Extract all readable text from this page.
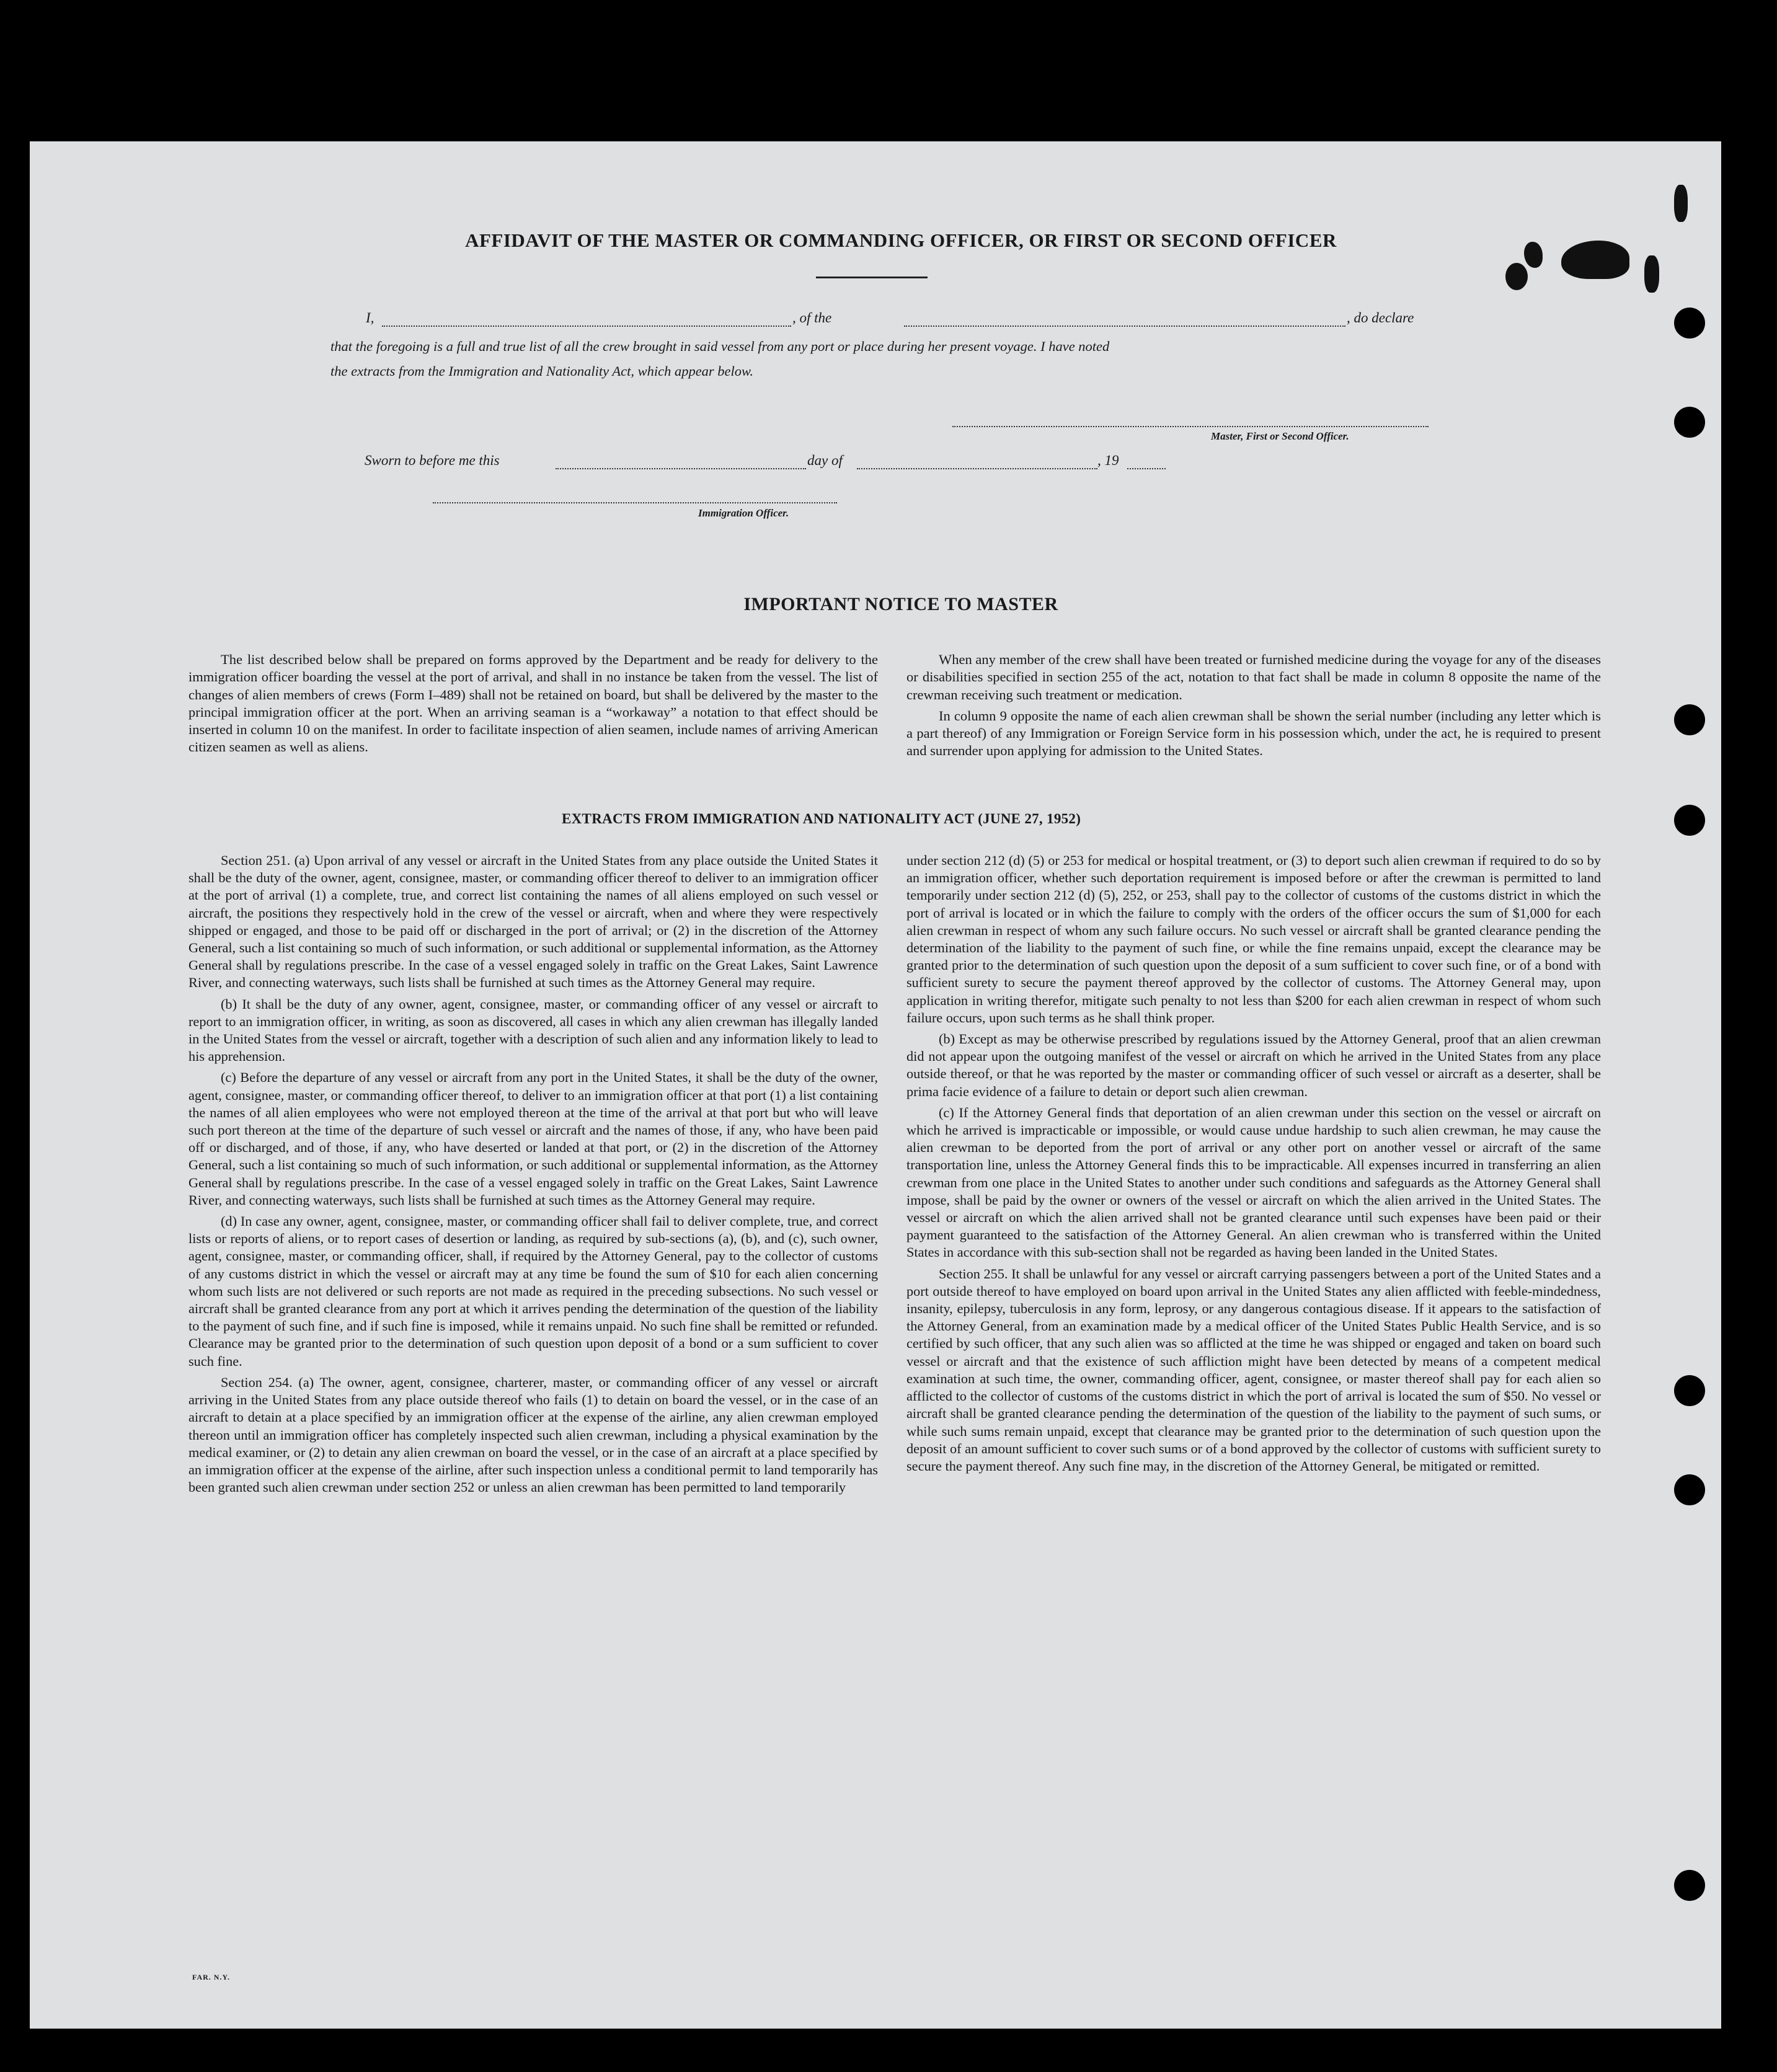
AFFIDAVIT OF THE MASTER OR COMMANDING OFFICER, OR FIRST OR SECOND OFFICER
I,	, of the	, do declare
that the foregoing is a full and true list of all the crew brought in said vessel from any port or place during her present voyage. I have noted
the extracts from the Immigration and Nationality Act, which appear below.
Master, First or Second Officer.
Sworn to before me this	day of	, 19
Immigration Officer.
IMPORTANT NOTICE TO MASTER

The list described below shall be prepared on forms approved by the Department and be ready for delivery to the immigration officer boarding the vessel at the port of arrival, and shall in no instance be taken from the vessel. The list of changes of alien members of crews (Form I–489) shall not be retained on board, but shall be delivered by the master to the principal immigration officer at the port. When an arriving seaman is a “workaway” a notation to that effect should be inserted in column 10 on the manifest. In order to facilitate inspection of alien seamen, include names of arriving American citizen seamen as well as aliens.

When any member of the crew shall have been treated or furnished medicine during the voyage for any of the diseases or disabilities specified in section 255 of the act, notation to that fact shall be made in column 8 opposite the name of the crewman receiving such treatment or medication.

In column 9 opposite the name of each alien crewman shall be shown the serial number (including any letter which is a part thereof) of any Immigration or Foreign Service form in his possession which, under the act, he is required to present and surrender upon applying for admission to the United States.

EXTRACTS FROM IMMIGRATION AND NATIONALITY ACT (JUNE 27, 1952)

Section 251. (a) Upon arrival of any vessel or aircraft in the United States from any place outside the United States it shall be the duty of the owner, agent, consignee, master, or commanding officer thereof to deliver to an immigration officer at the port of arrival (1) a complete, true, and correct list containing the names of all aliens employed on such vessel or aircraft, the positions they respectively hold in the crew of the vessel or aircraft, when and where they were respectively shipped or engaged, and those to be paid off or discharged in the port of arrival; or (2) in the discretion of the Attorney General, such a list containing so much of such information, or such additional or supplemental information, as the Attorney General shall by regulations prescribe. In the case of a vessel engaged solely in traffic on the Great Lakes, Saint Lawrence River, and connecting waterways, such lists shall be furnished at such times as the Attorney General may require.

(b) It shall be the duty of any owner, agent, consignee, master, or commanding officer of any vessel or aircraft to report to an immigration officer, in writing, as soon as discovered, all cases in which any alien crewman has illegally landed in the United States from the vessel or aircraft, together with a description of such alien and any information likely to lead to his apprehension.

(c) Before the departure of any vessel or aircraft from any port in the United States, it shall be the duty of the owner, agent, consignee, master, or commanding officer thereof, to deliver to an immigration officer at that port (1) a list containing the names of all alien employees who were not employed thereon at the time of the arrival at that port but who will leave such port thereon at the time of the departure of such vessel or aircraft and the names of those, if any, who have been paid off or discharged, and of those, if any, who have deserted or landed at that port, or (2) in the discretion of the Attorney General, such a list containing so much of such information, or such additional or supplemental information, as the Attorney General shall by regulations prescribe. In the case of a vessel engaged solely in traffic on the Great Lakes, Saint Lawrence River, and connecting waterways, such lists shall be furnished at such times as the Attorney General may require.

(d) In case any owner, agent, consignee, master, or commanding officer shall fail to deliver complete, true, and correct lists or reports of aliens, or to report cases of desertion or landing, as required by sub-sections (a), (b), and (c), such owner, agent, consignee, master, or commanding officer, shall, if required by the Attorney General, pay to the collector of customs of any customs district in which the vessel or aircraft may at any time be found the sum of $10 for each alien concerning whom such lists are not delivered or such reports are not made as required in the preceding subsections. No such vessel or aircraft shall be granted clearance from any port at which it arrives pending the determination of the question of the liability to the payment of such fine, and if such fine is imposed, while it remains unpaid. No such fine shall be remitted or refunded. Clearance may be granted prior to the determination of such question upon deposit of a bond or a sum sufficient to cover such fine.

Section 254. (a) The owner, agent, consignee, charterer, master, or commanding officer of any vessel or aircraft arriving in the United States from any place outside thereof who fails (1) to detain on board the vessel, or in the case of an aircraft to detain at a place specified by an immigration officer at the expense of the airline, any alien crewman employed thereon until an immigration officer has completely inspected such alien crewman, including a physical examination by the medical examiner, or (2) to detain any alien crewman on board the vessel, or in the case of an aircraft at a place specified by an immigration officer at the expense of the airline, after such inspection unless a conditional permit to land temporarily has been granted such alien crewman under section 252 or unless an alien crewman has been permitted to land temporarily

under section 212 (d) (5) or 253 for medical or hospital treatment, or (3) to deport such alien crewman if required to do so by an immigration officer, whether such deportation requirement is imposed before or after the crewman is permitted to land temporarily under section 212 (d) (5), 252, or 253, shall pay to the collector of customs of the customs district in which the port of arrival is located or in which the failure to comply with the orders of the officer occurs the sum of $1,000 for each alien crewman in respect of whom any such failure occurs. No such vessel or aircraft shall be granted clearance pending the determination of the liability to the payment of such fine, or while the fine remains unpaid, except the clearance may be granted prior to the determination of such question upon the deposit of a sum sufficient to cover such fine, or of a bond with sufficient surety to secure the payment thereof approved by the collector of customs. The Attorney General may, upon application in writing therefor, mitigate such penalty to not less than $200 for each alien crewman in respect of whom such failure occurs, upon such terms as he shall think proper.

(b) Except as may be otherwise prescribed by regulations issued by the Attorney General, proof that an alien crewman did not appear upon the outgoing manifest of the vessel or aircraft on which he arrived in the United States from any place outside thereof, or that he was reported by the master or commanding officer of such vessel or aircraft as a deserter, shall be prima facie evidence of a failure to detain or deport such alien crewman.

(c) If the Attorney General finds that deportation of an alien crewman under this section on the vessel or aircraft on which he arrived is impracticable or impossible, or would cause undue hardship to such alien crewman, he may cause the alien crewman to be deported from the port of arrival or any other port on another vessel or aircraft of the same transportation line, unless the Attorney General finds this to be impracticable. All expenses incurred in transferring an alien crewman from one place in the United States to another under such conditions and safeguards as the Attorney General shall impose, shall be paid by the owner or owners of the vessel or aircraft on which the alien arrived in the United States. The vessel or aircraft on which the alien arrived shall not be granted clearance until such expenses have been paid or their payment guaranteed to the satisfaction of the Attorney General. An alien crewman who is transferred within the United States in accordance with this sub-section shall not be regarded as having been landed in the United States.

Section 255. It shall be unlawful for any vessel or aircraft carrying passengers between a port of the United States and a port outside thereof to have employed on board upon arrival in the United States any alien afflicted with feeble-mindedness, insanity, epilepsy, tuberculosis in any form, leprosy, or any dangerous contagious disease. If it appears to the satisfaction of the Attorney General, from an examination made by a medical officer of the United States Public Health Service, and is so certified by such officer, that any such alien was so afflicted at the time he was shipped or engaged and taken on board such vessel or aircraft and that the existence of such affliction might have been detected by means of a competent medical examination at such time, the owner, commanding officer, agent, consignee, or master thereof shall pay for each alien so afflicted to the collector of customs of the customs district in which the port of arrival is located the sum of $50. No vessel or aircraft shall be granted clearance pending the determination of the question of the liability to the payment of such sums, or while such sums remain unpaid, except that clearance may be granted prior to the determination of such question upon the deposit of an amount sufficient to cover such sums or of a bond approved by the collector of customs with sufficient surety to secure the payment thereof. Any such fine may, in the discretion of the Attorney General, be mitigated or remitted.

FAR. N.Y.
